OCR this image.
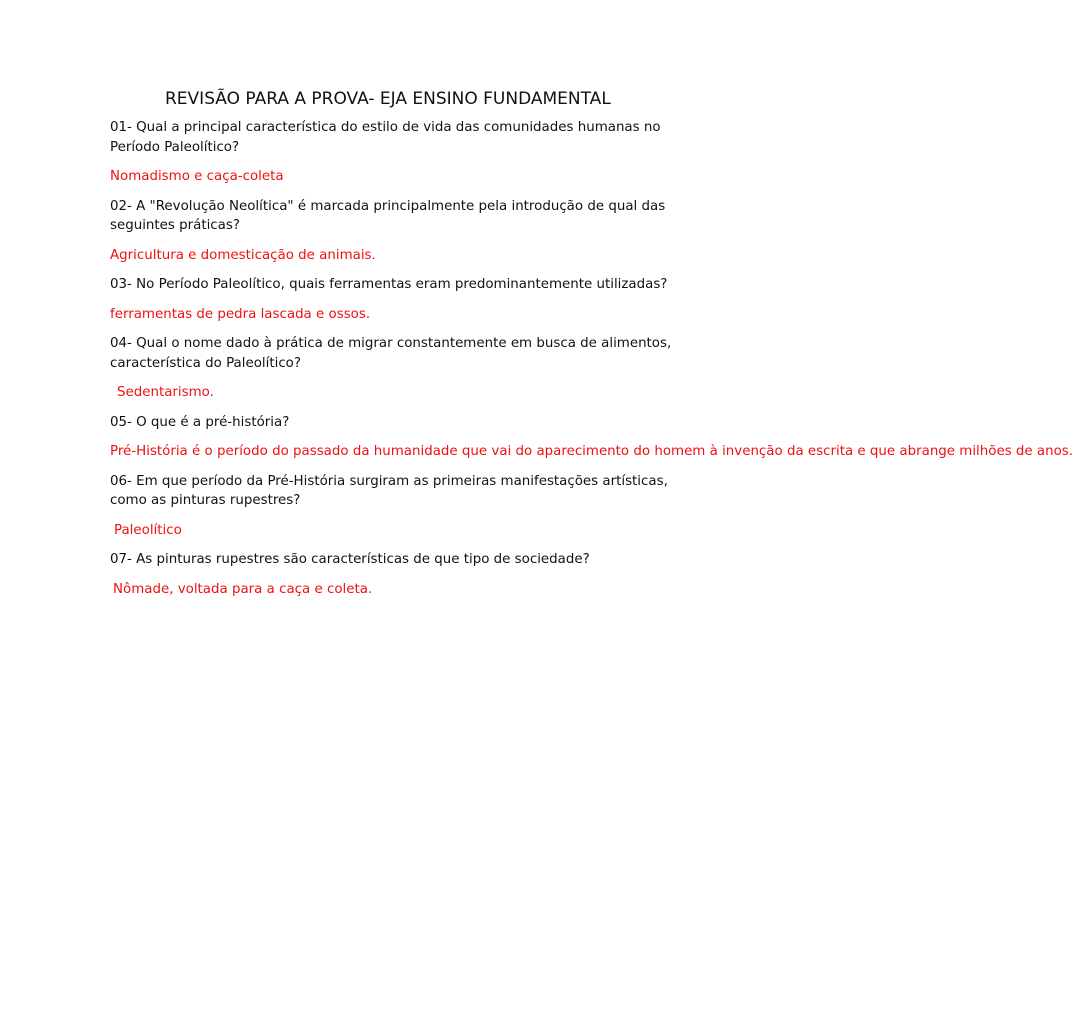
REVISÃO PARA A PROVA- EJA ENSINO FUNDAMENTAL
01- Qual a principal característica do estilo de vida das comunidades humanas no
Período Paleolítico?
Nomadismo e caça-coleta
02- A "Revolução Neolítica" é marcada principalmente pela introdução de qual das
seguintes práticas?
Agricultura e domesticação de animais.
03- No Período Paleolítico, quais ferramentas eram predominantemente utilizadas?
ferramentas de pedra lascada e ossos.
04- Qual o nome dado à prática de migrar constantemente em busca de alimentos,
característica do Paleolítico?
Sedentarismo.
05- O que é a pré-história?
Pré-História é o período do passado da humanidade que vai do aparecimento do homem à invenção da escrita e que abrange milhões de anos.
06- Em que período da Pré-História surgiram as primeiras manifestações artísticas,
como as pinturas rupestres?
Paleolítico
07- As pinturas rupestres são características de que tipo de sociedade?
Nômade, voltada para a caça e coleta.
